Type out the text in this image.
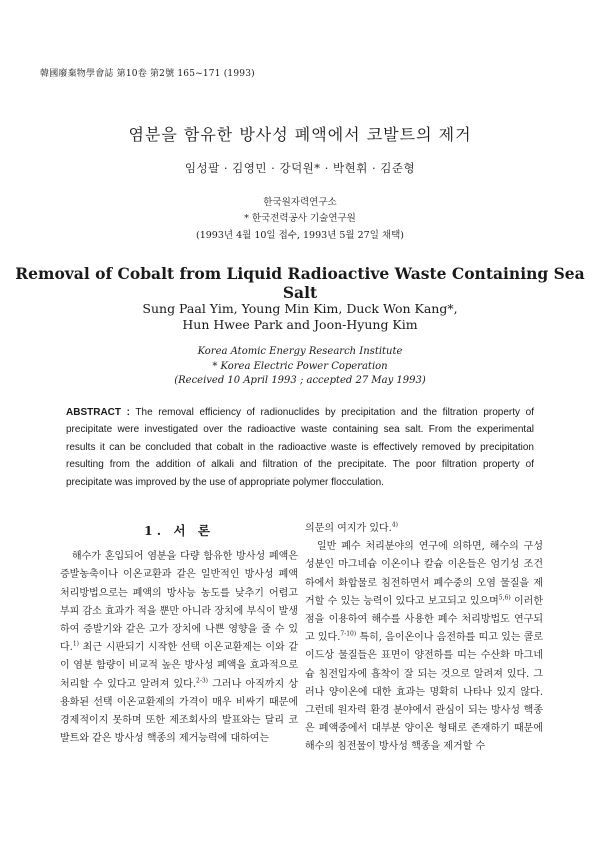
韓國廢棄物學會誌 第10卷 第2號 165~171 (1993)
염분을 함유한 방사성 폐액에서 코발트의 제거
임성팔 · 김영민 · 강덕원* · 박현휘 · 김준형
한국원자력연구소
* 한국전력공사 기술연구원
(1993년 4월 10일 접수, 1993년 5월 27일 채택)
Removal of Cobalt from Liquid Radioactive Waste Containing Sea Salt
Sung Paal Yim, Young Min Kim, Duck Won Kang*,
Hun Hwee Park and Joon-Hyung Kim
Korea Atomic Energy Research Institute
* Korea Electric Power Coperation
(Received 10 April 1993 ; accepted 27 May 1993)
ABSTRACT : The removal efficiency of radionuclides by precipitation and the filtration property of precipitate were investigated over the radioactive waste containing sea salt. From the experimental results it can be concluded that cobalt in the radioactive waste is effectively removed by precipitation resulting from the addition of alkali and filtration of the precipitate. The poor filtration property of precipitate was improved by the use of appropriate polymer flocculation.
1. 서 론

해수가 혼입되어 염분을 다량 함유한 방사성 폐액은 증발농축이나 이온교환과 같은 일반적인 방사성 폐액 처리방법으로는 폐액의 방사능 농도를 낮추기 어렵고 부피 감소 효과가 적을 뿐만 아니라 장치에 부식이 발생하여 증발기와 같은 고가 장치에 나쁜 영향을 줄 수 있다.$^{1)}$ 최근 시판되기 시작한 선택 이온교환제는 이와 같이 염분 함량이 비교적 높은 방사성 폐액을 효과적으로 처리할 수 있다고 알려져 있다.$^{2-3)}$ 그러나 아직까지 상용화된 선택 이온교환제의 가격이 매우 비싸기 때문에 경제적이지 못하며 또한 제조회사의 발표와는 달리 코발트와 같은 방사성 핵종의 제거능력에 대하여는

의문의 여지가 있다.$^{4)}$

일반 폐수 처리분야의 연구에 의하면, 해수의 구성 성분인 마그네슘 이온이나 칼슘 이온들은 엄기성 조건하에서 화합물로 침전하면서 폐수중의 오염 물질을 제거할 수 있는 능력이 있다고 보고되고 있으며$^{5,6)}$ 이러한 점을 이용하여 해수를 사용한 폐수 처리방법도 연구되고 있다.$^{7-10)}$ 특히, 음이온이나 음전하를 띠고 있는 콜로이드상 물질들은 표면이 양전하를 띠는 수산화 마그네슘 침전입자에 흡착이 잘 되는 것으로 알려져 있다. 그러나 양이온에 대한 효과는 명확히 나타나 있지 않다. 그런데 원자력 환경 분야에서 관심이 되는 방사성 핵종은 폐액중에서 대부분 양이온 형태로 존재하기 때문에 해수의 침전물이 방사성 핵종을 제거할 수
